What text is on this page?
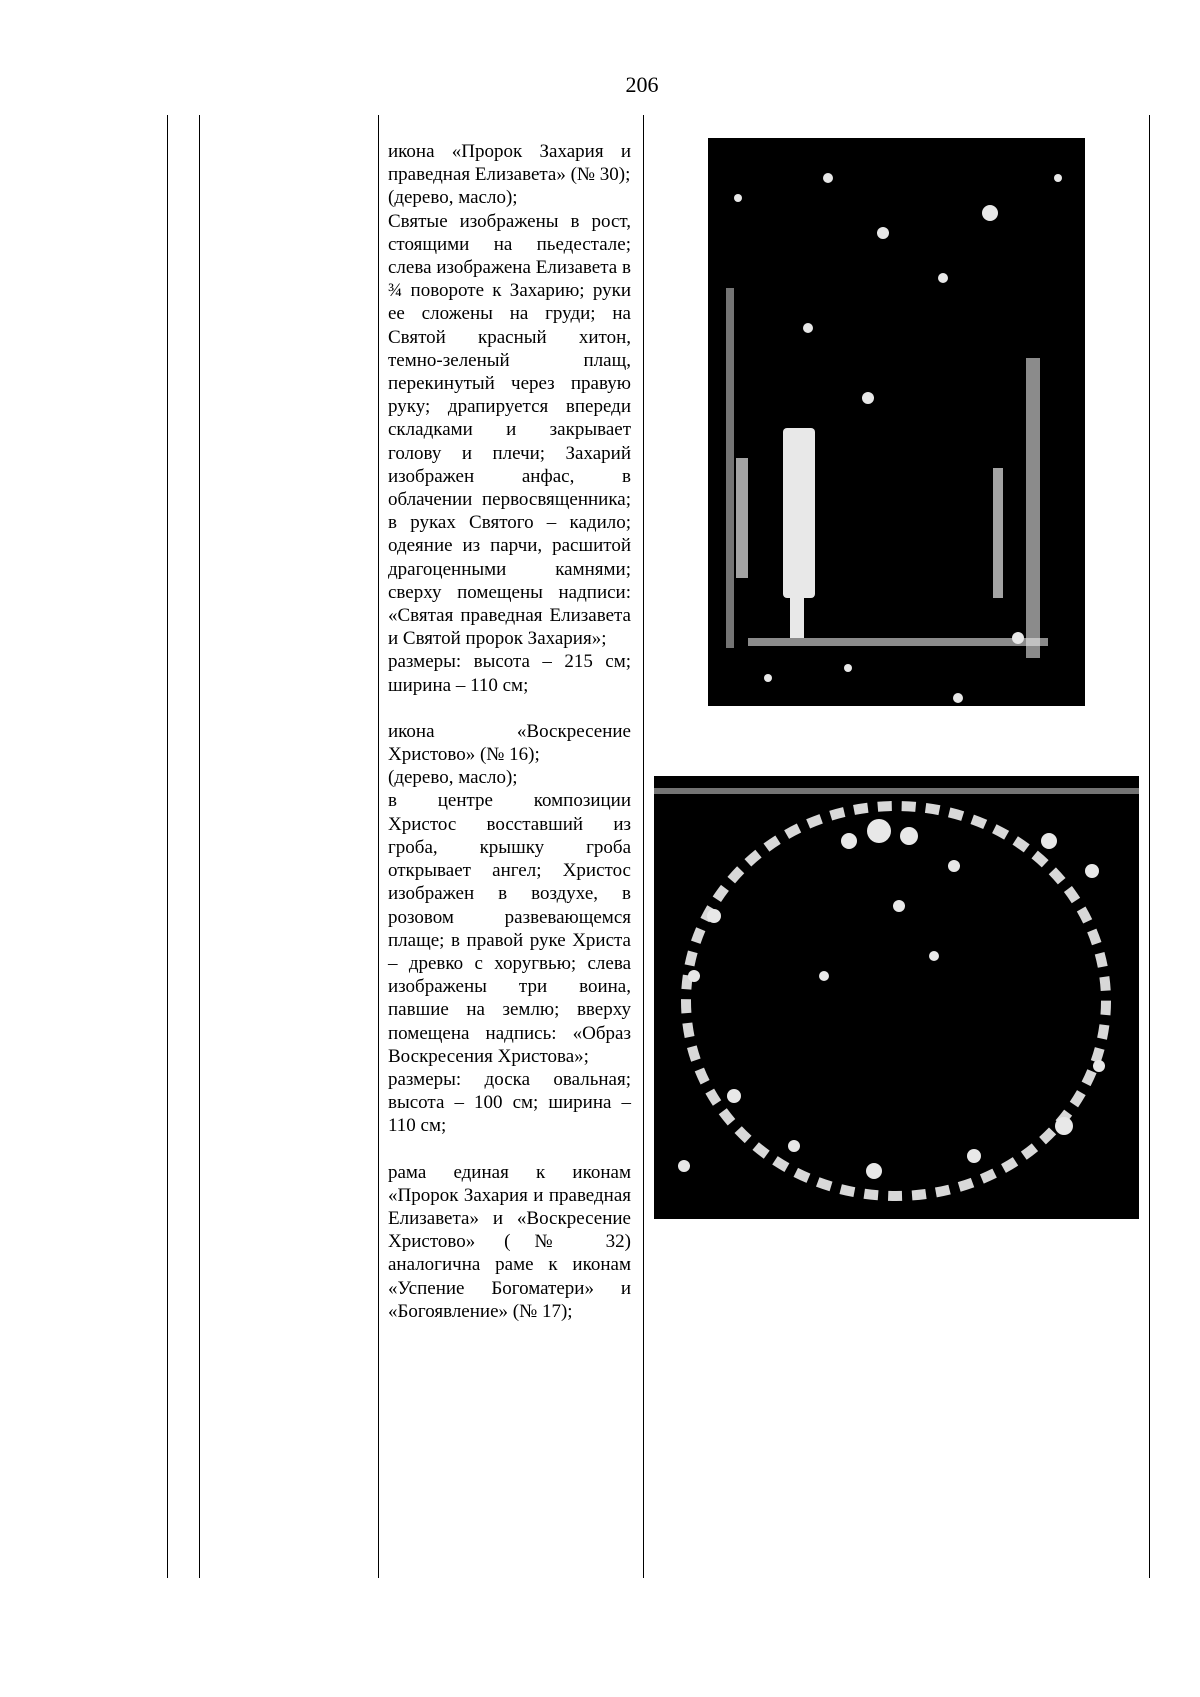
206
икона «Пророк Захария и праведная Елизавета» (№ 30);
(дерево, масло);
Святые изображены в рост, стоящими на пьедестале; слева изображена Елизавета в ¾ повороте к Захарию; руки ее сложены на груди; на Святой красный хитон, темно-зеленый плащ, перекинутый через правую руку; драпируется впереди складками и закрывает голову и плечи; Захарий изображен анфас, в облачении первосвященника; в руках Святого – кадило; одеяние из парчи, расшитой драгоценными камнями; сверху помещены надписи: «Святая праведная Елизавета и Святой пророк Захария»;
размеры: высота – 215 см; ширина – 110 см;
икона «Воскресение Христово» (№ 16);
(дерево, масло);
в центре композиции Христос восставший из гроба, крышку гроба открывает ангел; Христос изображен в воздухе, в розовом развевающемся плаще; в правой руке Христа – древко с хоругвью; слева изображены три воина, павшие на землю; вверху помещена надпись: «Образ Воскресения Христова»;
размеры: доска овальная; высота – 100 см; ширина – 110 см;
рама единая к иконам «Пророк Захария и праведная Елизавета» и «Воскресение Христово» (№ 32) аналогична раме к иконам «Успение Богоматери» и «Богоявление» (№ 17);
